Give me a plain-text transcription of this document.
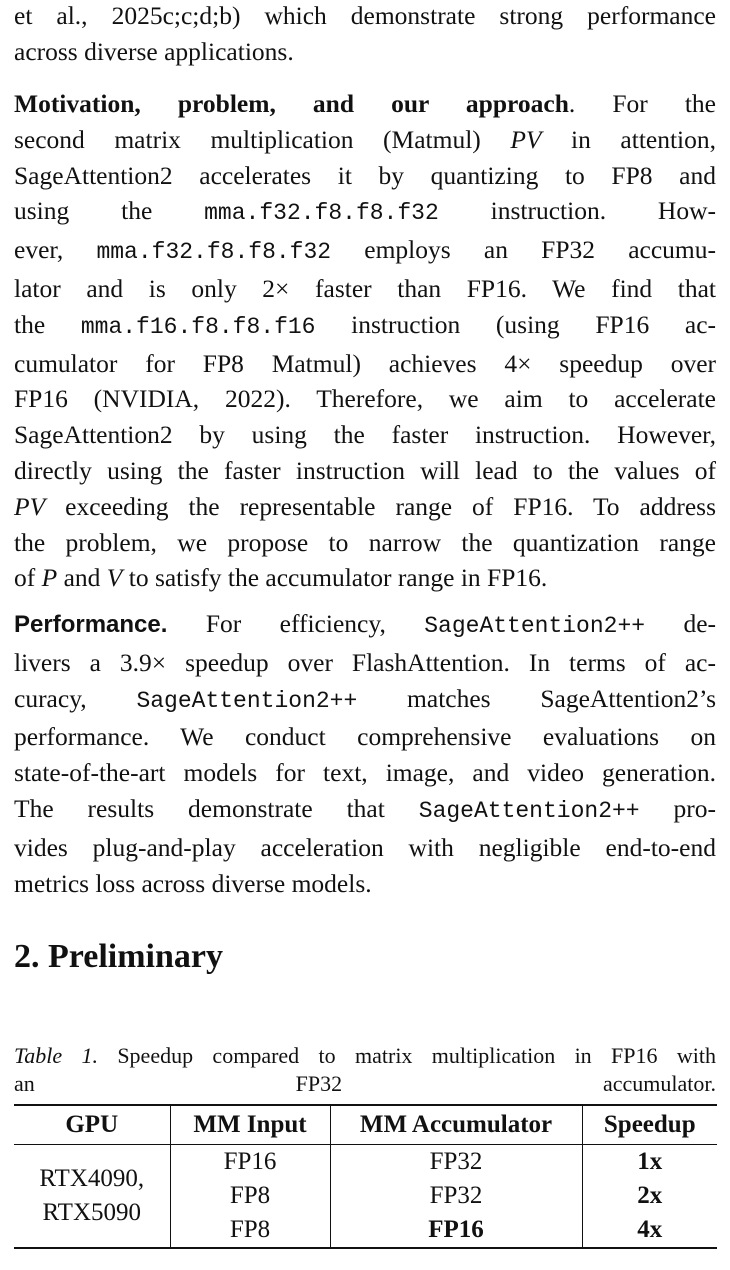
et al., 2025c;c;d;b) which demonstrate strong performance
across diverse applications.
Motivation, problem, and our approach. For the
second matrix multiplication (Matmul) PV in attention,
SageAttention2 accelerates it by quantizing to FP8 and
using the mma.f32.f8.f8.f32 instruction. How-
ever, mma.f32.f8.f8.f32 employs an FP32 accumu-
lator and is only 2× faster than FP16. We find that
the mma.f16.f8.f8.f16 instruction (using FP16 ac-
cumulator for FP8 Matmul) achieves 4× speedup over
FP16 (NVIDIA, 2022). Therefore, we aim to accelerate
SageAttention2 by using the faster instruction. However,
directly using the faster instruction will lead to the values of
PV exceeding the representable range of FP16. To address
the problem, we propose to narrow the quantization range
of P and V to satisfy the accumulator range in FP16.
Performance. For efficiency, SageAttention2++ de-
livers a 3.9× speedup over FlashAttention. In terms of ac-
curacy, SageAttention2++ matches SageAttention2’s
performance. We conduct comprehensive evaluations on
state-of-the-art models for text, image, and video generation.
The results demonstrate that SageAttention2++ pro-
vides plug-and-play acceleration with negligible end-to-end
metrics loss across diverse models.
2. Preliminary
Table 1. Speedup compared to matrix multiplication in FP16 with
an FP32 accumulator.
GPU	MM Input	MM Accumulator	Speedup

RTX4090,
RTX5090	FP16	FP32	1x
	FP8	FP32	2x
	FP8	FP16	4x
